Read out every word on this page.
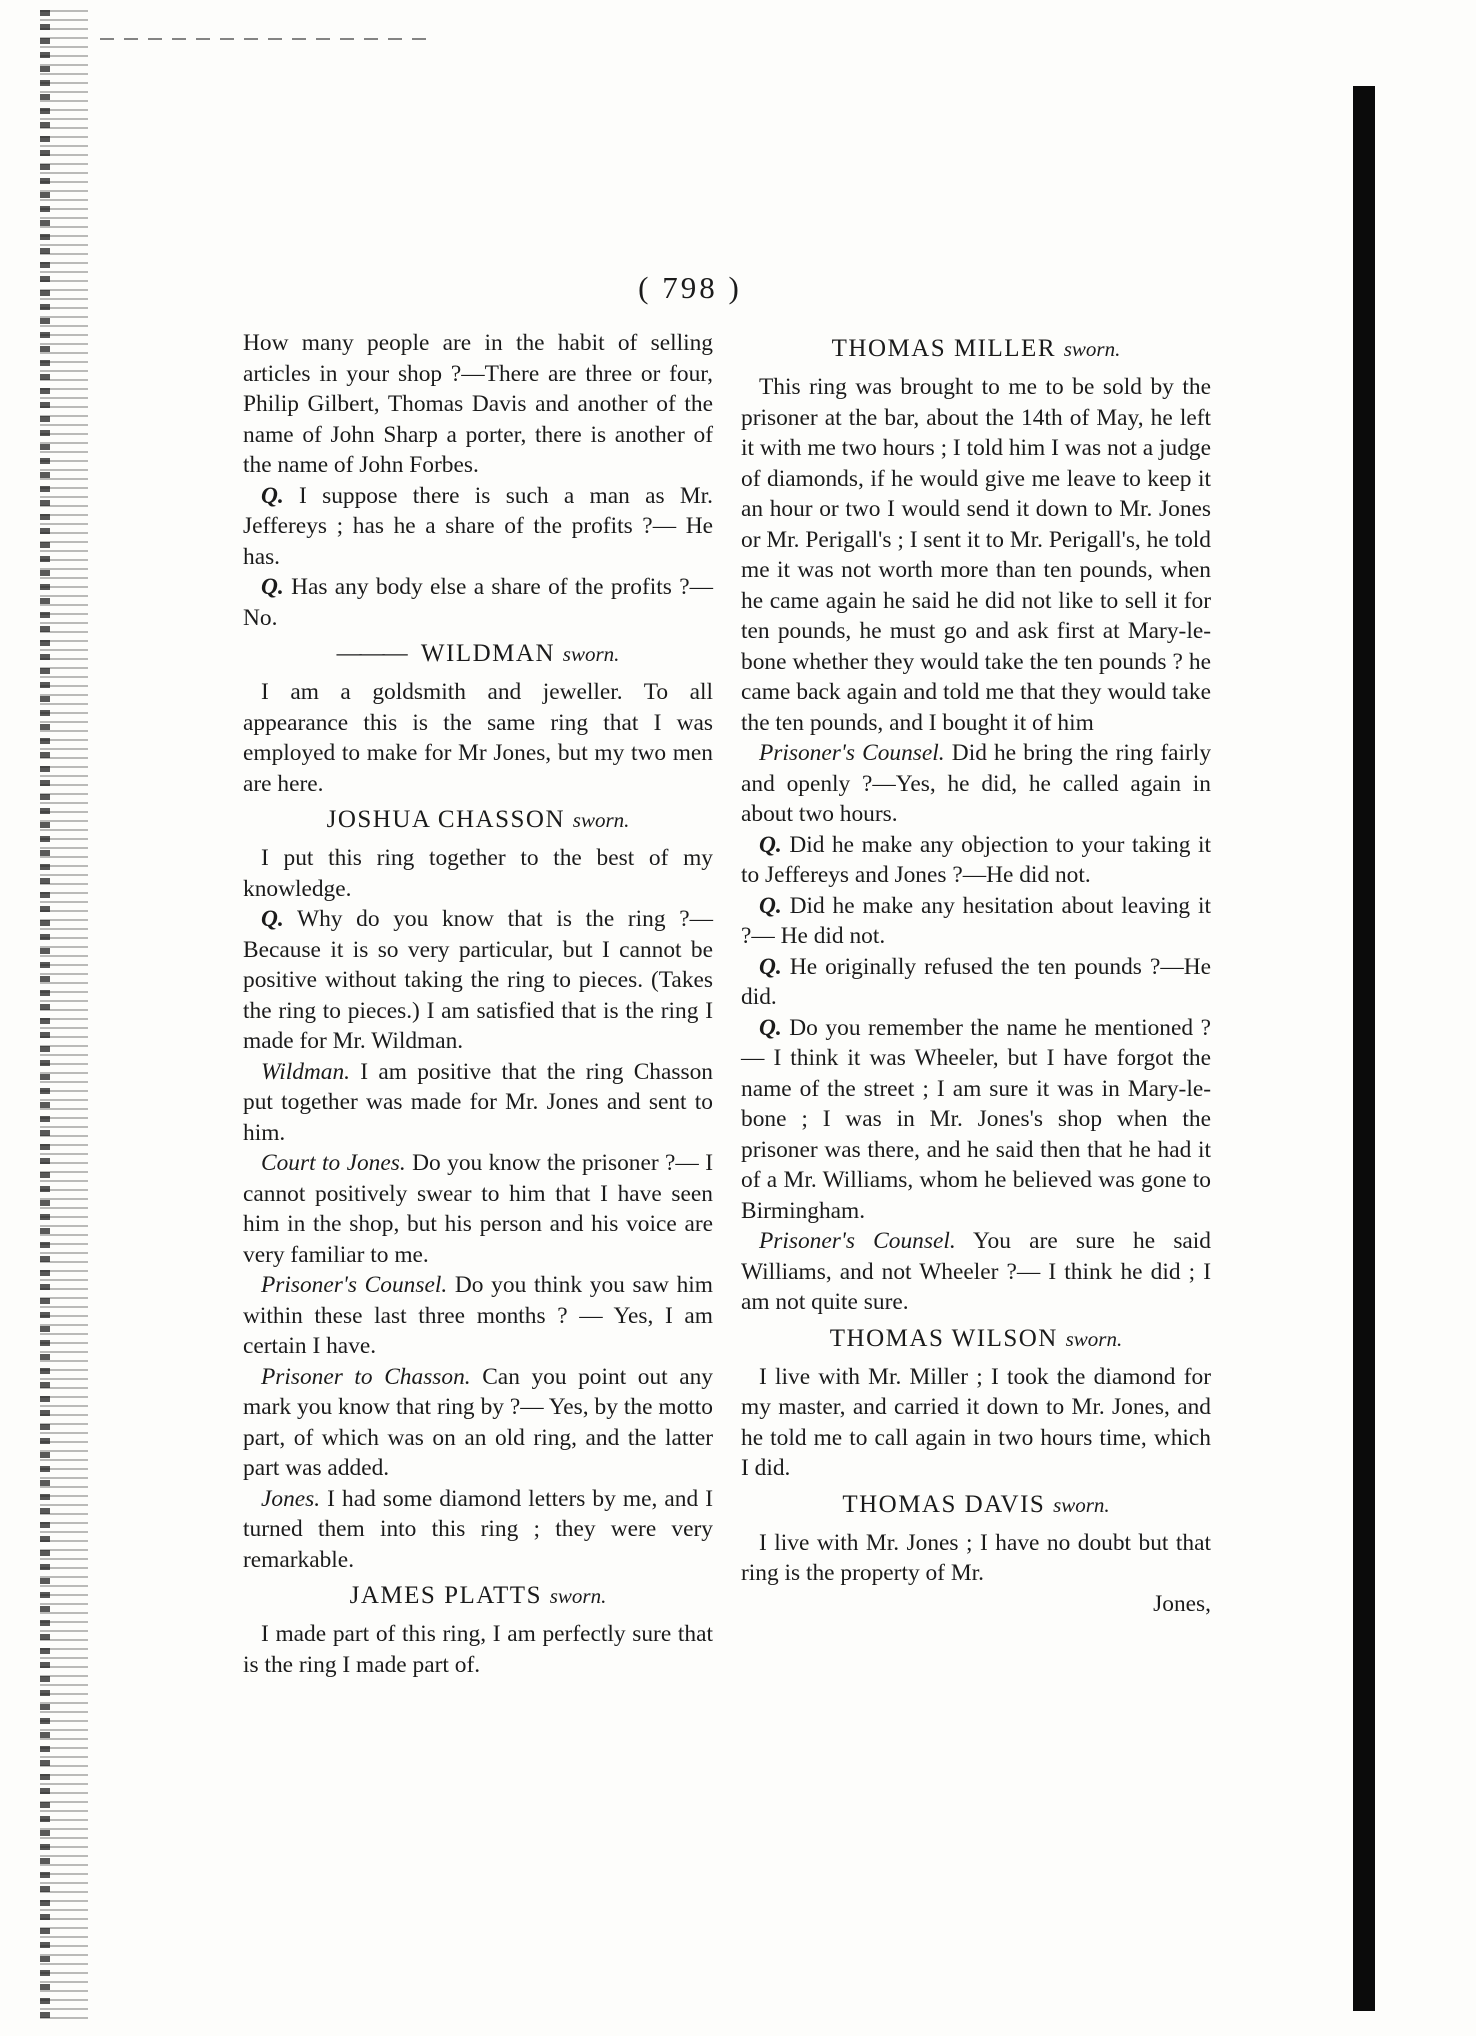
( 798 )

How many people are in the habit of selling articles in your shop ?—There are three or four, Philip Gilbert, Thomas Davis and another of the name of John Sharp a porter, there is another of the name of John Forbes.

Q. I suppose there is such a man as Mr. Jeffereys ; has he a share of the profits ?— He has.

Q. Has any body else a share of the profits ?— No.

——— WILDMAN sworn.

I am a goldsmith and jeweller. To all appearance this is the same ring that I was employed to make for Mr Jones, but my two men are here.

JOSHUA CHASSON sworn.

I put this ring together to the best of my knowledge.

Q. Why do you know that is the ring ?— Because it is so very particular, but I cannot be positive without taking the ring to pieces. (Takes the ring to pieces.) I am satisfied that is the ring I made for Mr. Wildman.

Wildman. I am positive that the ring Chasson put together was made for Mr. Jones and sent to him.

Court to Jones. Do you know the prisoner ?— I cannot positively swear to him that I have seen him in the shop, but his person and his voice are very familiar to me.

Prisoner's Counsel. Do you think you saw him within these last three months ? — Yes, I am certain I have.

Prisoner to Chasson. Can you point out any mark you know that ring by ?— Yes, by the motto part, of which was on an old ring, and the latter part was added.

Jones. I had some diamond letters by me, and I turned them into this ring ; they were very remarkable.

JAMES PLATTS sworn.

I made part of this ring, I am perfectly sure that is the ring I made part of.

THOMAS MILLER sworn.

This ring was brought to me to be sold by the prisoner at the bar, about the 14th of May, he left it with me two hours ; I told him I was not a judge of diamonds, if he would give me leave to keep it an hour or two I would send it down to Mr. Jones or Mr. Perigall's ; I sent it to Mr. Perigall's, he told me it was not worth more than ten pounds, when he came again he said he did not like to sell it for ten pounds, he must go and ask first at Mary-le-bone whether they would take the ten pounds ? he came back again and told me that they would take the ten pounds, and I bought it of him

Prisoner's Counsel. Did he bring the ring fairly and openly ?—Yes, he did, he called again in about two hours.

Q. Did he make any objection to your taking it to Jeffereys and Jones ?—He did not.

Q. Did he make any hesitation about leaving it ?— He did not.

Q. He originally refused the ten pounds ?—He did.

Q. Do you remember the name he mentioned ?— I think it was Wheeler, but I have forgot the name of the street ; I am sure it was in Mary-le-bone ; I was in Mr. Jones's shop when the prisoner was there, and he said then that he had it of a Mr. Williams, whom he believed was gone to Birmingham.

Prisoner's Counsel. You are sure he said Williams, and not Wheeler ?— I think he did ; I am not quite sure.

THOMAS WILSON sworn.

I live with Mr. Miller ; I took the diamond for my master, and carried it down to Mr. Jones, and he told me to call again in two hours time, which I did.

THOMAS DAVIS sworn.

I live with Mr. Jones ; I have no doubt but that ring is the property of Mr.

Jones,
